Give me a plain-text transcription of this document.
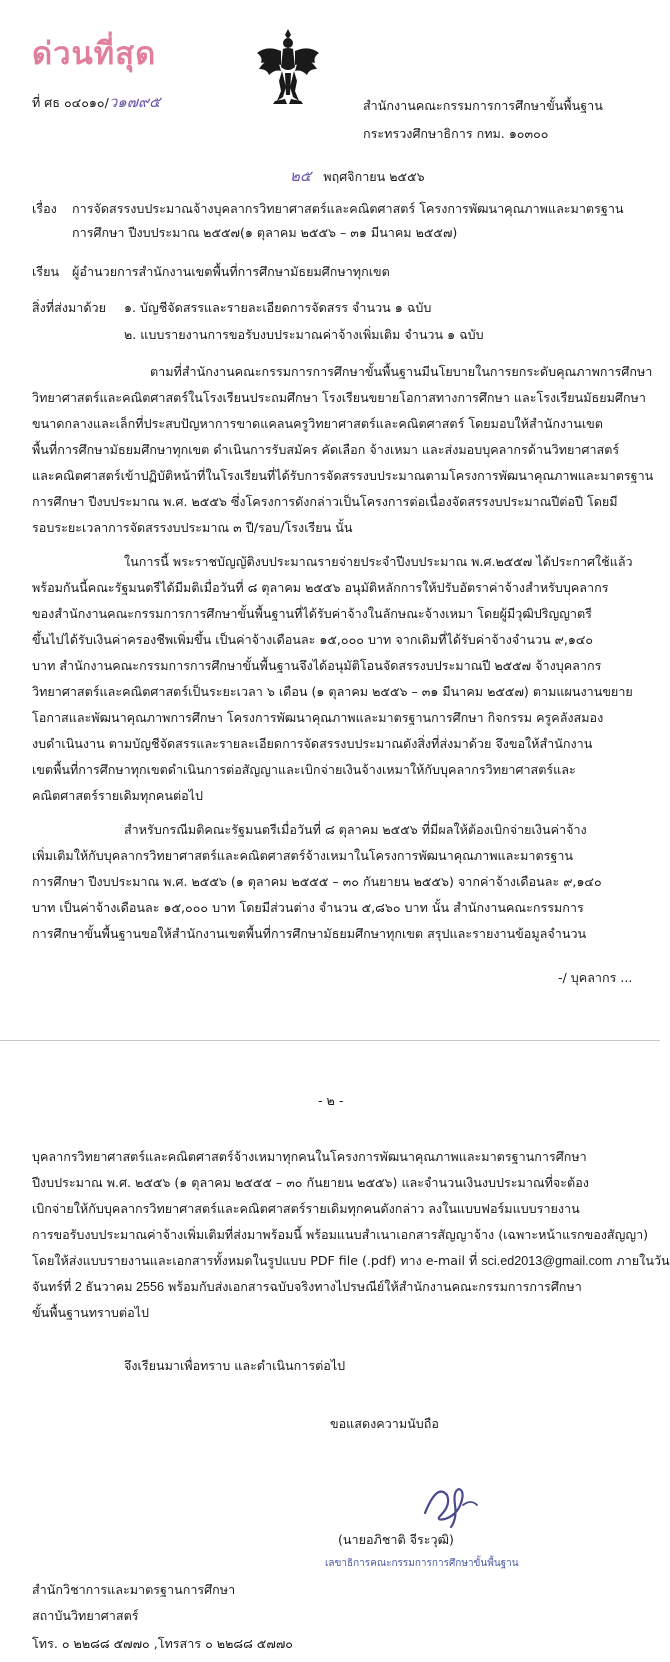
ด่วนที่สุด
ที่ ศธ ๐๔๐๑๐/ว๑๗๙๕	สำนักงานคณะกรรมการการศึกษาขั้นพื้นฐาน
กระทรวงศึกษาธิการ กทม. ๑๐๓๐๐
๒๕ พฤศจิกายน ๒๕๕๖
เรื่อง การจัดสรรงบประมาณจ้างบุคลากรวิทยาศาสตร์และคณิตศาสตร์ โครงการพัฒนาคุณภาพและมาตรฐาน
การศึกษา ปีงบประมาณ ๒๕๕๗(๑ ตุลาคม ๒๕๕๖ – ๓๑ มีนาคม ๒๕๕๗)
เรียน ผู้อำนวยการสำนักงานเขตพื้นที่การศึกษามัธยมศึกษาทุกเขต
สิ่งที่ส่งมาด้วย ๑. บัญชีจัดสรรและรายละเอียดการจัดสรร จำนวน ๑ ฉบับ
๒. แบบรายงานการขอรับงบประมาณค่าจ้างเพิ่มเติม จำนวน ๑ ฉบับ
ตามที่สำนักงานคณะกรรมการการศึกษาขั้นพื้นฐานมีนโยบายในการยกระดับคุณภาพการศึกษา
วิทยาศาสตร์และคณิตศาสตร์ในโรงเรียนประถมศึกษา โรงเรียนขยายโอกาสทางการศึกษา และโรงเรียนมัธยมศึกษา
ขนาดกลางและเล็กที่ประสบปัญหาการขาดแคลนครูวิทยาศาสตร์และคณิตศาสตร์ โดยมอบให้สำนักงานเขต
พื้นที่การศึกษามัธยมศึกษาทุกเขต ดำเนินการรับสมัคร คัดเลือก จ้างเหมา และส่งมอบบุคลากรด้านวิทยาศาสตร์
และคณิตศาสตร์เข้าปฏิบัติหน้าที่ในโรงเรียนที่ได้รับการจัดสรรงบประมาณตามโครงการพัฒนาคุณภาพและมาตรฐาน
การศึกษา ปีงบประมาณ พ.ศ. ๒๕๕๖ ซึ่งโครงการดังกล่าวเป็นโครงการต่อเนื่องจัดสรรงบประมาณปีต่อปี โดยมี
รอบระยะเวลาการจัดสรรงบประมาณ ๓ ปี/รอบ/โรงเรียน นั้น
ในการนี้ พระราชบัญญัติงบประมาณรายจ่ายประจำปีงบประมาณ พ.ศ.๒๕๕๗ ได้ประกาศใช้แล้ว
พร้อมกันนี้คณะรัฐมนตรีได้มีมติเมื่อวันที่ ๘ ตุลาคม ๒๕๕๖ อนุมัติหลักการให้ปรับอัตราค่าจ้างสำหรับบุคลากร
ของสำนักงานคณะกรรมการการศึกษาขั้นพื้นฐานที่ได้รับค่าจ้างในลักษณะจ้างเหมา โดยผู้มีวุฒิปริญญาตรี
ขึ้นไปได้รับเงินค่าครองชีพเพิ่มขึ้น เป็นค่าจ้างเดือนละ ๑๕,๐๐๐ บาท จากเดิมที่ได้รับค่าจ้างจำนวน ๙,๑๔๐
บาท สำนักงานคณะกรรมการการศึกษาขั้นพื้นฐานจึงได้อนุมัติโอนจัดสรรงบประมาณปี ๒๕๕๗ จ้างบุคลากร
วิทยาศาสตร์และคณิตศาสตร์เป็นระยะเวลา ๖ เดือน (๑ ตุลาคม ๒๕๕๖ – ๓๑ มีนาคม ๒๕๕๗) ตามแผนงานขยาย
โอกาสและพัฒนาคุณภาพการศึกษา โครงการพัฒนาคุณภาพและมาตรฐานการศึกษา กิจกรรม ครูคลังสมอง
งบดำเนินงาน ตามบัญชีจัดสรรและรายละเอียดการจัดสรรงบประมาณดังสิ่งที่ส่งมาด้วย จึงขอให้สำนักงาน
เขตพื้นที่การศึกษาทุกเขตดำเนินการต่อสัญญาและเบิกจ่ายเงินจ้างเหมาให้กับบุคลากรวิทยาศาสตร์และ
คณิตศาสตร์รายเดิมทุกคนต่อไป
สำหรับกรณีมติคณะรัฐมนตรีเมื่อวันที่ ๘ ตุลาคม ๒๕๕๖ ที่มีผลให้ต้องเบิกจ่ายเงินค่าจ้าง
เพิ่มเติมให้กับบุคลากรวิทยาศาสตร์และคณิตศาสตร์จ้างเหมาในโครงการพัฒนาคุณภาพและมาตรฐาน
การศึกษา ปีงบประมาณ พ.ศ. ๒๕๕๖ (๑ ตุลาคม ๒๕๕๕ – ๓๐ กันยายน ๒๕๕๖) จากค่าจ้างเดือนละ ๙,๑๔๐
บาท เป็นค่าจ้างเดือนละ ๑๕,๐๐๐ บาท โดยมีส่วนต่าง จำนวน ๕,๘๖๐ บาท นั้น สำนักงานคณะกรรมการ
การศึกษาขั้นพื้นฐานขอให้สำนักงานเขตพื้นที่การศึกษามัธยมศึกษาทุกเขต สรุปและรายงานข้อมูลจำนวน
-/ บุคลากร ...
- ๒ -
บุคลากรวิทยาศาสตร์และคณิตศาสตร์จ้างเหมาทุกคนในโครงการพัฒนาคุณภาพและมาตรฐานการศึกษา
ปีงบประมาณ พ.ศ. ๒๕๕๖ (๑ ตุลาคม ๒๕๕๕ – ๓๐ กันยายน ๒๕๕๖) และจำนวนเงินงบประมาณที่จะต้อง
เบิกจ่ายให้กับบุคลากรวิทยาศาสตร์และคณิตศาสตร์รายเดิมทุกคนดังกล่าว ลงในแบบฟอร์มแบบรายงาน
การขอรับงบประมาณค่าจ้างเพิ่มเติมที่ส่งมาพร้อมนี้ พร้อมแนบสำเนาเอกสารสัญญาจ้าง (เฉพาะหน้าแรกของสัญญา)
โดยให้ส่งแบบรายงานและเอกสารทั้งหมดในรูปแบบ PDF file (.pdf) ทาง e-mail ที่ sci.ed2013@gmail.com ภายในวัน
จันทร์ที่ 2 ธันวาคม 2556 พร้อมกับส่งเอกสารฉบับจริงทางไปรษณีย์ให้สำนักงานคณะกรรมการการศึกษา
ขั้นพื้นฐานทราบต่อไป
จึงเรียนมาเพื่อทราบ และดำเนินการต่อไป
ขอแสดงความนับถือ
(นายอภิชาติ จีระวุฒิ)
เลขาธิการคณะกรรมการการศึกษาขั้นพื้นฐาน
สำนักวิชาการและมาตรฐานการศึกษา
สถาบันวิทยาศาสตร์
โทร. ๐ ๒๒๘๘ ๕๗๗๐ ,โทรสาร ๐ ๒๒๘๘ ๕๗๗๐
